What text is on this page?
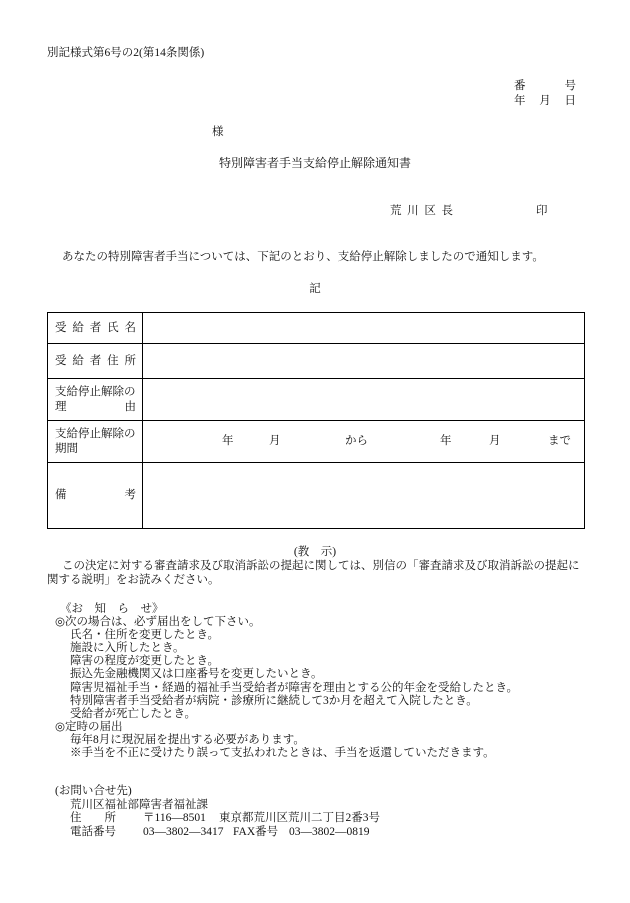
別記様式第6号の2(第14条関係)
番号
年月日
様
特別障害者手当支給停止解除通知書
荒川区長	印
あなたの特別障害者手当については、下記のとおり、支給停止解除しましたので通知します。
記
受給者氏名
受給者住所
支給停止解除の
理由
支給停止解除の
期間
年	月	から	年	月	まで
備考
(教　示)
この決定に対する審査請求及び取消訴訟の提起に関しては、別信の「審査請求及び取消訴訟の提起に
関する説明」をお読みください。
《お　知　ら　せ》
◎次の場合は、必ず届出をして下さい。
氏名・住所を変更したとき。
施設に入所したとき。
障害の程度が変更したとき。
振込先金融機関又は口座番号を変更したいとき。
障害児福祉手当・経過的福祉手当受給者が障害を理由とする公的年金を受給したとき。
特別障害者手当受給者が病院・診療所に継続して3か月を超えて入院したとき。
受給者が死亡したとき。
◎定時の届出
毎年8月に現況届を提出する必要があります。
※手当を不正に受けたり誤って支払われたときは、手当を返還していただきます。
(お問い合せ先)
荒川区福祉部障害者福祉課
住所 〒116—8501 東京都荒川区荒川二丁目2番3号
電話番号 03—3802—3417 FAX番号 03—3802—0819
